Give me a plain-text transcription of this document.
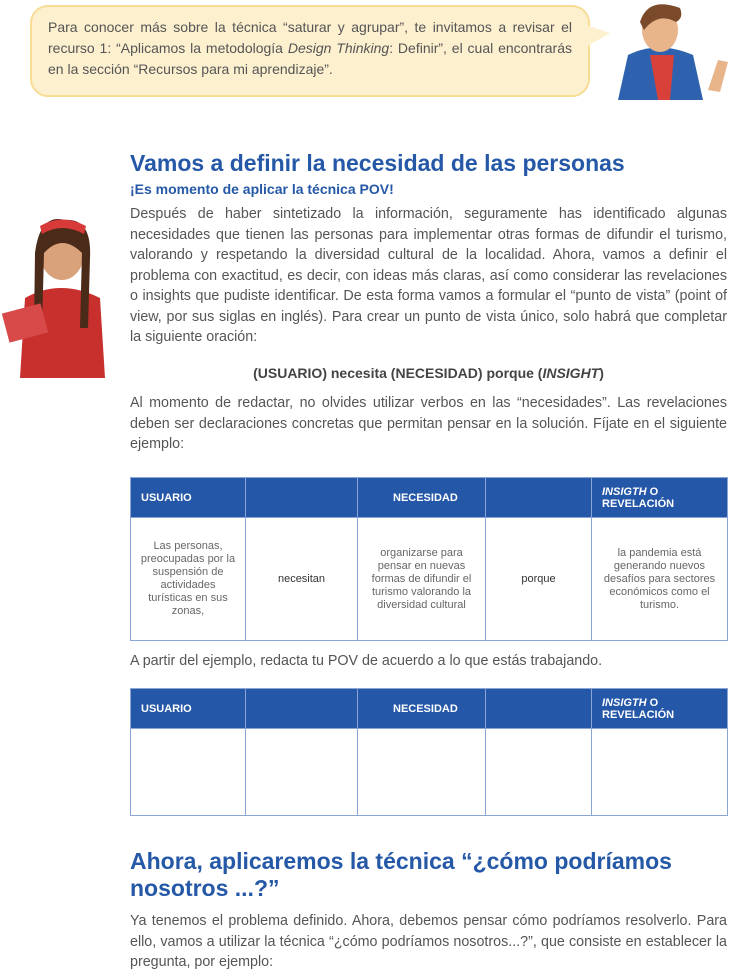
Para conocer más sobre la técnica “saturar y agrupar”, te invitamos a revisar el recurso 1: “Aplicamos la metodología Design Thinking: Definir”, el cual encontrarás en la sección “Recursos para mi aprendizaje”.
Vamos a definir la necesidad de las personas
¡Es momento de aplicar la técnica POV!

Después de haber sintetizado la información, seguramente has identificado algunas necesidades que tienen las personas para implementar otras formas de difundir el turismo, valorando y respetando la diversidad cultural de la localidad. Ahora, vamos a definir el problema con exactitud, es decir, con ideas más claras, así como considerar las revelaciones o insights que pudiste identificar. De esta forma vamos a formular el “punto de vista” (point of view, por sus siglas en inglés). Para crear un punto de vista único, solo habrá que completar la siguiente oración:

(USUARIO) necesita (NECESIDAD) porque (INSIGHT)

Al momento de redactar, no olvides utilizar verbos en las “necesidades”. Las revelaciones deben ser declaraciones concretas que permitan pensar en la solución. Fíjate en el siguiente ejemplo:

USUARIO		NECESIDAD		INSIGTH O REVELACIÓN
Las personas, preocupadas por la suspensión de actividades turísticas en sus zonas,	necesitan	organizarse para pensar en nuevas formas de difundir el turismo valorando la diversidad cultural	porque	la pandemia está generando nuevos desafíos para sectores económicos como el turismo.

A partir del ejemplo, redacta tu POV de acuerdo a lo que estás trabajando.

USUARIO		NECESIDAD		INSIGTH O REVELACIÓN

Ahora, aplicaremos la técnica “¿cómo podríamos nosotros ...?”

Ya tenemos el problema definido. Ahora, debemos pensar cómo podríamos resolverlo. Para ello, vamos a utilizar la técnica “¿cómo podríamos nosotros...?”, que consiste en establecer la pregunta, por ejemplo:
